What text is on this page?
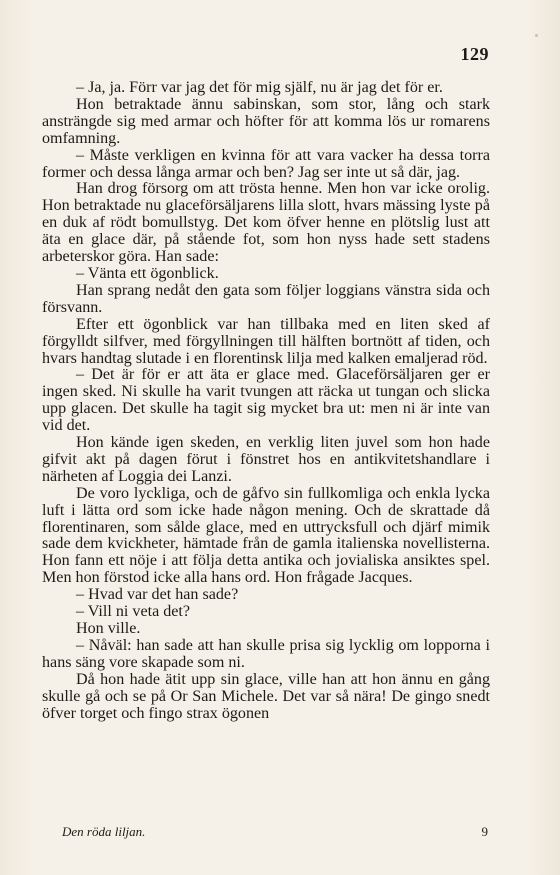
129

– Ja, ja. Förr var jag det för mig själf, nu är jag det för er.

Hon betraktade ännu sabinskan, som stor, lång och stark ansträngde sig med armar och höfter för att komma lös ur romarens omfamning.

– Måste verkligen en kvinna för att vara vacker ha dessa torra former och dessa långa armar och ben? Jag ser inte ut så där, jag.

Han drog försorg om att trösta henne. Men hon var icke orolig. Hon betraktade nu glaceförsäljarens lilla slott, hvars mässing lyste på en duk af rödt bomullstyg. Det kom öfver henne en plötslig lust att äta en glace där, på stående fot, som hon nyss hade sett stadens arbeterskor göra. Han sade:

– Vänta ett ögonblick.

Han sprang nedåt den gata som följer loggians vänstra sida och försvann.

Efter ett ögonblick var han tillbaka med en liten sked af förgylldt silfver, med förgyllningen till hälften bortnött af tiden, och hvars handtag slutade i en florentinsk lilja med kalken emaljerad röd.

– Det är för er att äta er glace med. Glaceförsäljaren ger er ingen sked. Ni skulle ha varit tvungen att räcka ut tungan och slicka upp glacen. Det skulle ha tagit sig mycket bra ut: men ni är inte van vid det.

Hon kände igen skeden, en verklig liten juvel som hon hade gifvit akt på dagen förut i fönstret hos en antikvitetshandlare i närheten af Loggia dei Lanzi.

De voro lyckliga, och de gåfvo sin fullkomliga och enkla lycka luft i lätta ord som icke hade någon mening. Och de skrattade då florentinaren, som sålde glace, med en uttrycksfull och djärf mimik sade dem kvickheter, hämtade från de gamla italienska novellisterna. Hon fann ett nöje i att följa detta antika och jovialiska ansiktes spel. Men hon förstod icke alla hans ord. Hon frågade Jacques.

– Hvad var det han sade?

– Vill ni veta det?

Hon ville.

– Nåväl: han sade att han skulle prisa sig lycklig om lopporna i hans säng vore skapade som ni.

Då hon hade ätit upp sin glace, ville han att hon ännu en gång skulle gå och se på Or San Michele. Det var så nära! De gingo snedt öfver torget och fingo strax ögonen

Den röda liljan.	9
